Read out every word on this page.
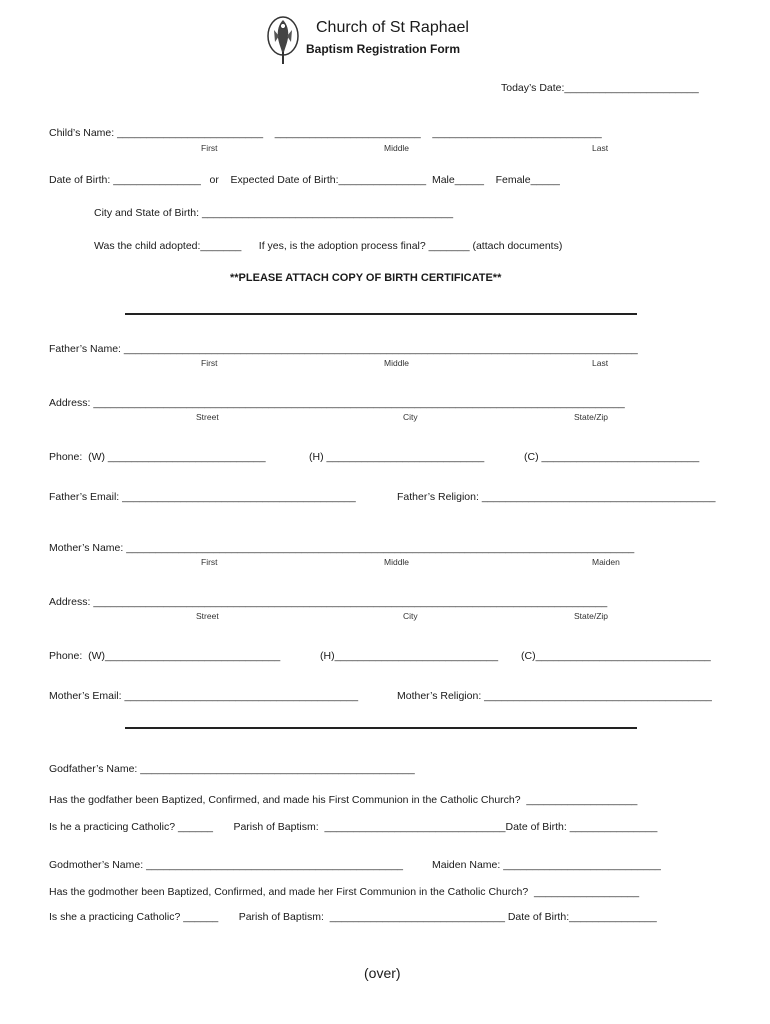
Church of St Raphael
Baptism Registration Form
Today’s Date:_______________________
Child’s Name: _________________________    _________________________    _____________________________
First	Middle	Last
Date of Birth: _______________   or    Expected Date of Birth:_______________  Male_____    Female_____
City and State of Birth: ___________________________________________
Was the child adopted:_______      If yes, is the adoption process final? _______ (attach documents)
**PLEASE ATTACH COPY OF BIRTH CERTIFICATE**
Father’s Name: ________________________________________________________________________________________
First	Middle	Last
Address: ___________________________________________________________________________________________
Street	City	State/Zip
Phone:  (W) ___________________________	(H) ___________________________	(C) ___________________________
Father’s Email: ________________________________________	Father’s Religion: ________________________________________
Mother’s Name: _______________________________________________________________________________________
First	Middle	Maiden
Address: ________________________________________________________________________________________
Street	City	State/Zip
Phone:  (W)______________________________	(H)____________________________ (C)______________________________
Mother’s Email: ________________________________________	Mother’s Religion: _______________________________________
Godfather’s Name: _______________________________________________
Has the godfather been Baptized, Confirmed, and made his First Communion in the Catholic Church?  ___________________
Is he a practicing Catholic? ______       Parish of Baptism:  _______________________________Date of Birth: _______________
Godmother’s Name: ____________________________________________	Maiden Name: ___________________________
Has the godmother been Baptized, Confirmed, and made her First Communion in the Catholic Church?  __________________
Is she a practicing Catholic? ______       Parish of Baptism:  ______________________________ Date of Birth:_______________
(over)
